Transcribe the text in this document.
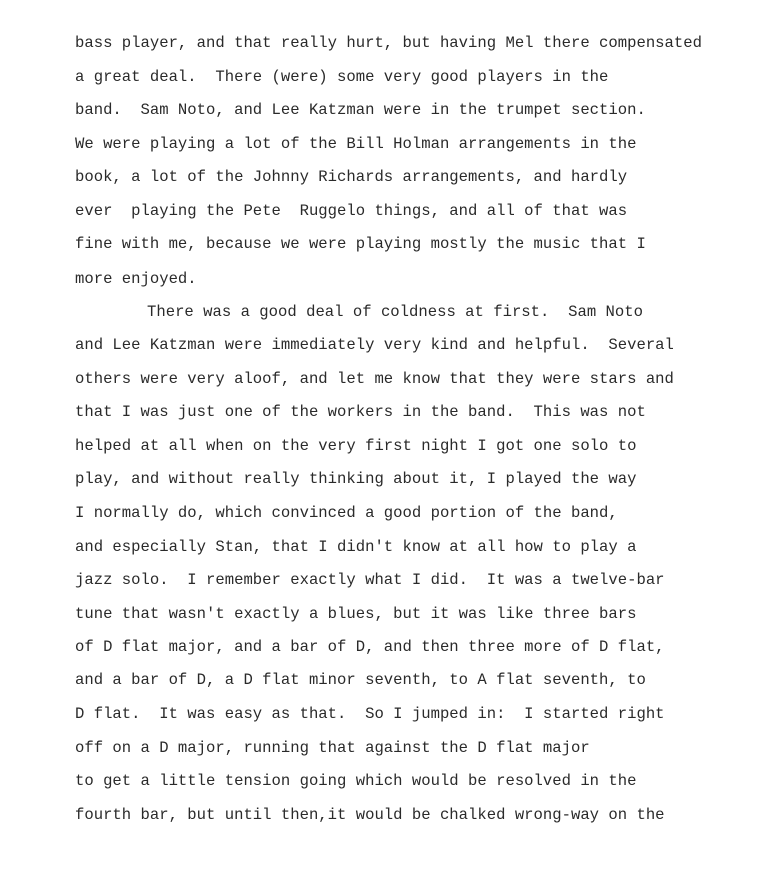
bass player, and that really hurt, but having Mel there compensated
a great deal.  There (were) some very good players in the
band.  Sam Noto, and Lee Katzman were in the trumpet section.
We were playing a lot of the Bill Holman arrangements in the
book, a lot of the Johnny Richards arrangements, and hardly
ever  playing the Pete  Ruggelo things, and all of that was
fine with me, because we were playing mostly the music that I
more enjoyed.
There was a good deal of coldness at first.  Sam Noto
and Lee Katzman were immediately very kind and helpful.  Several
others were very aloof, and let me know that they were stars and
that I was just one of the workers in the band.  This was not
helped at all when on the very first night I got one solo to
play, and without really thinking about it, I played the way
I normally do, which convinced a good portion of the band,
and especially Stan, that I didn't know at all how to play a
jazz solo.  I remember exactly what I did.  It was a twelve-bar
tune that wasn't exactly a blues, but it was like three bars
of D flat major, and a bar of D, and then three more of D flat,
and a bar of D, a D flat minor seventh, to A flat seventh, to
D flat.  It was easy as that.  So I jumped in:  I started right
off on a D major, running that against the D flat major
to get a little tension going which would be resolved in the
fourth bar, but until then,it would be chalked wrong-way on the
